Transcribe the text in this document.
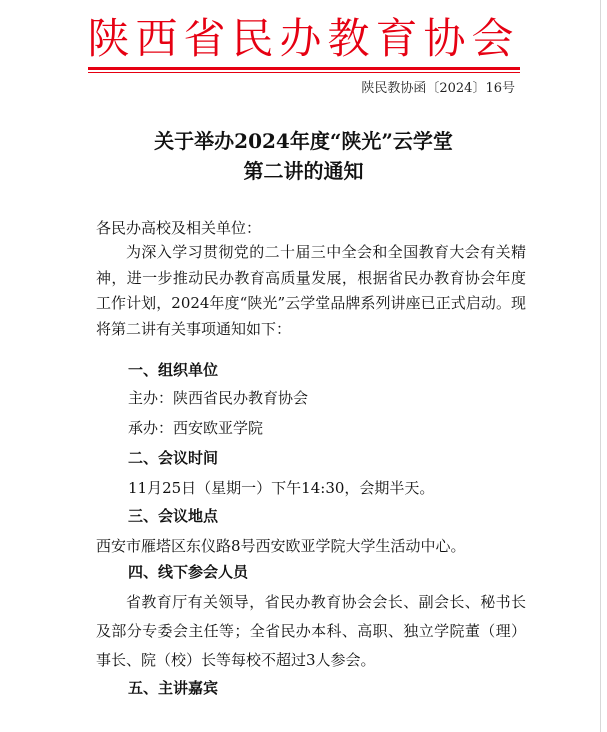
陕西省民办教育协会
陕民教协函〔2024〕16号
关于举办2024年度“陕光”云学堂
第二讲的通知
各民办高校及相关单位：
为深入学习贯彻党的二十届三中全会和全国教育大会有关精神，进一步推动民办教育高质量发展，根据省民办教育协会年度工作计划，2024年度“陕光”云学堂品牌系列讲座已正式启动。现将第二讲有关事项通知如下：
一、组织单位
主办：陕西省民办教育协会
承办：西安欧亚学院
二、会议时间
11月25日（星期一）下午14:30，会期半天。
三、会议地点
西安市雁塔区东仪路8号西安欧亚学院大学生活动中心。
四、线下参会人员
省教育厅有关领导，省民办教育协会会长、副会长、秘书长及部分专委会主任等；全省民办本科、高职、独立学院董（理）事长、院（校）长等每校不超过3人参会。
五、主讲嘉宾
